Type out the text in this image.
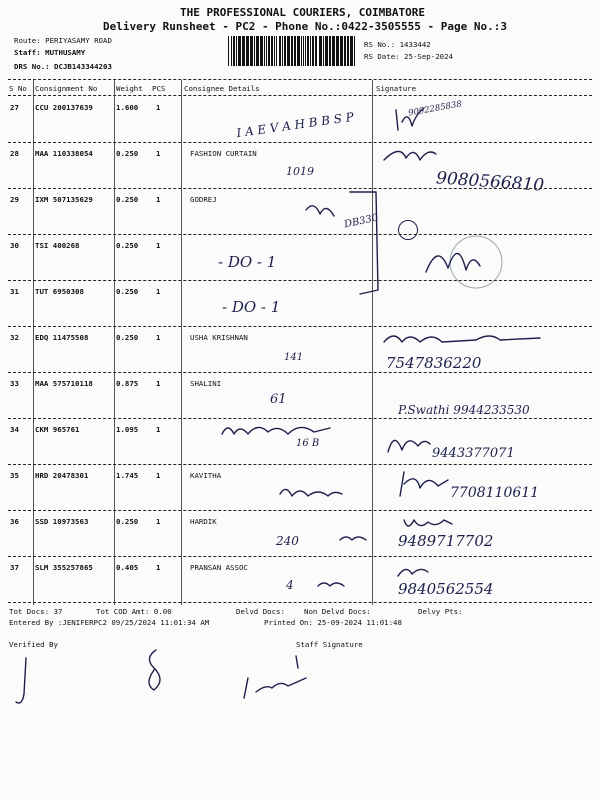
THE PROFESSIONAL COURIERS, COIMBATORE
Delivery Runsheet - PC2 - Phone No.:0422-3505555 - Page No.:3
Route: PERIYASAMY ROAD
Staff: MUTHUSAMY
DRS No.: DCJB143344203
RS No.: 1433442
RS Date: 25-Sep-2024
S No Consignment No	Weight PCS	Consignee Details	Signature
27 CCU 200137639	1.600 1
I A E V A H B B S P
9092285838
28 MAA 110338054	0.250 1	FASHION CURTAIN
1019	9080566810
29 IXM 507135629	0.250 1	GODREJ
DB330
30 TSI 400268	0.250 1
- DO - 1
31 TUT 6950308	0.250 1
- DO - 1
32 EDQ 11475508	0.250 1	USHA KRISHNAN
141	7547836220
33 MAA 575710118	0.875 1	SHALINI
61
P.Swathi 9944233530
34 CKM 965761	1.095 1
16 B
9443377071
35 HRD 20478301	1.745 1	KAVITHA
7708110611
36 SSD 10973563	0.250 1	HARDIK
240	9489717702
37 SLM 355257865	0.405 1	PRANSAN ASSOC
4	9840562554
Tot Docs: 37	Tot COD Amt: 0.00	Delvd Docs:	Non Delvd Docs:	Delvy Pts:
Entered By :JENIFERPC2 09/25/2024 11:01:34 AM	Printed On: 25-09-2024 11:01:48
Verified By	Staff Signature
